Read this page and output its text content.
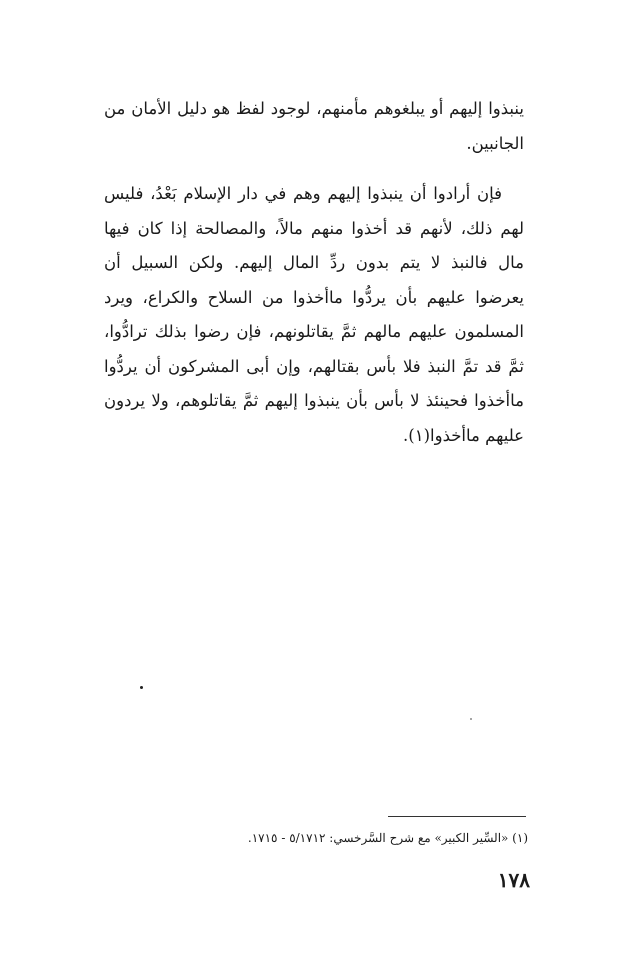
ينبذوا إليهم أو يبلغوهم مأمنهم، لوجود لفظ هو دليل الأمان من الجانبين.

فإن أرادوا أن ينبذوا إليهم وهم في دار الإسلام بَعْدُ، فليس لهم ذلك، لأنهم قد أخذوا منهم مالاً، والمصالحة إذا كان فيها مال فالنبذ لا يتم بدون ردِّ المال إليهم. ولكن السبيل أن يعرضوا عليهم بأن يردُّوا ماأخذوا من السلاح والكراع، ويرد المسلمون عليهم مالهم ثمَّ يقاتلونهم، فإن رضوا بذلك ترادُّوا، ثمَّ قد تمَّ النبذ فلا بأس بقتالهم، وإن أبى المشركون أن يردُّوا ماأخذوا فحينئذ لا بأس بأن ينبذوا إليهم ثمَّ يقاتلوهم، ولا يردون عليهم ماأخذوا(١).

(١) «السِّير الكبير» مع شرح السَّرخسي: ٥/١٧١٢ - ١٧١٥.

١٧٨
